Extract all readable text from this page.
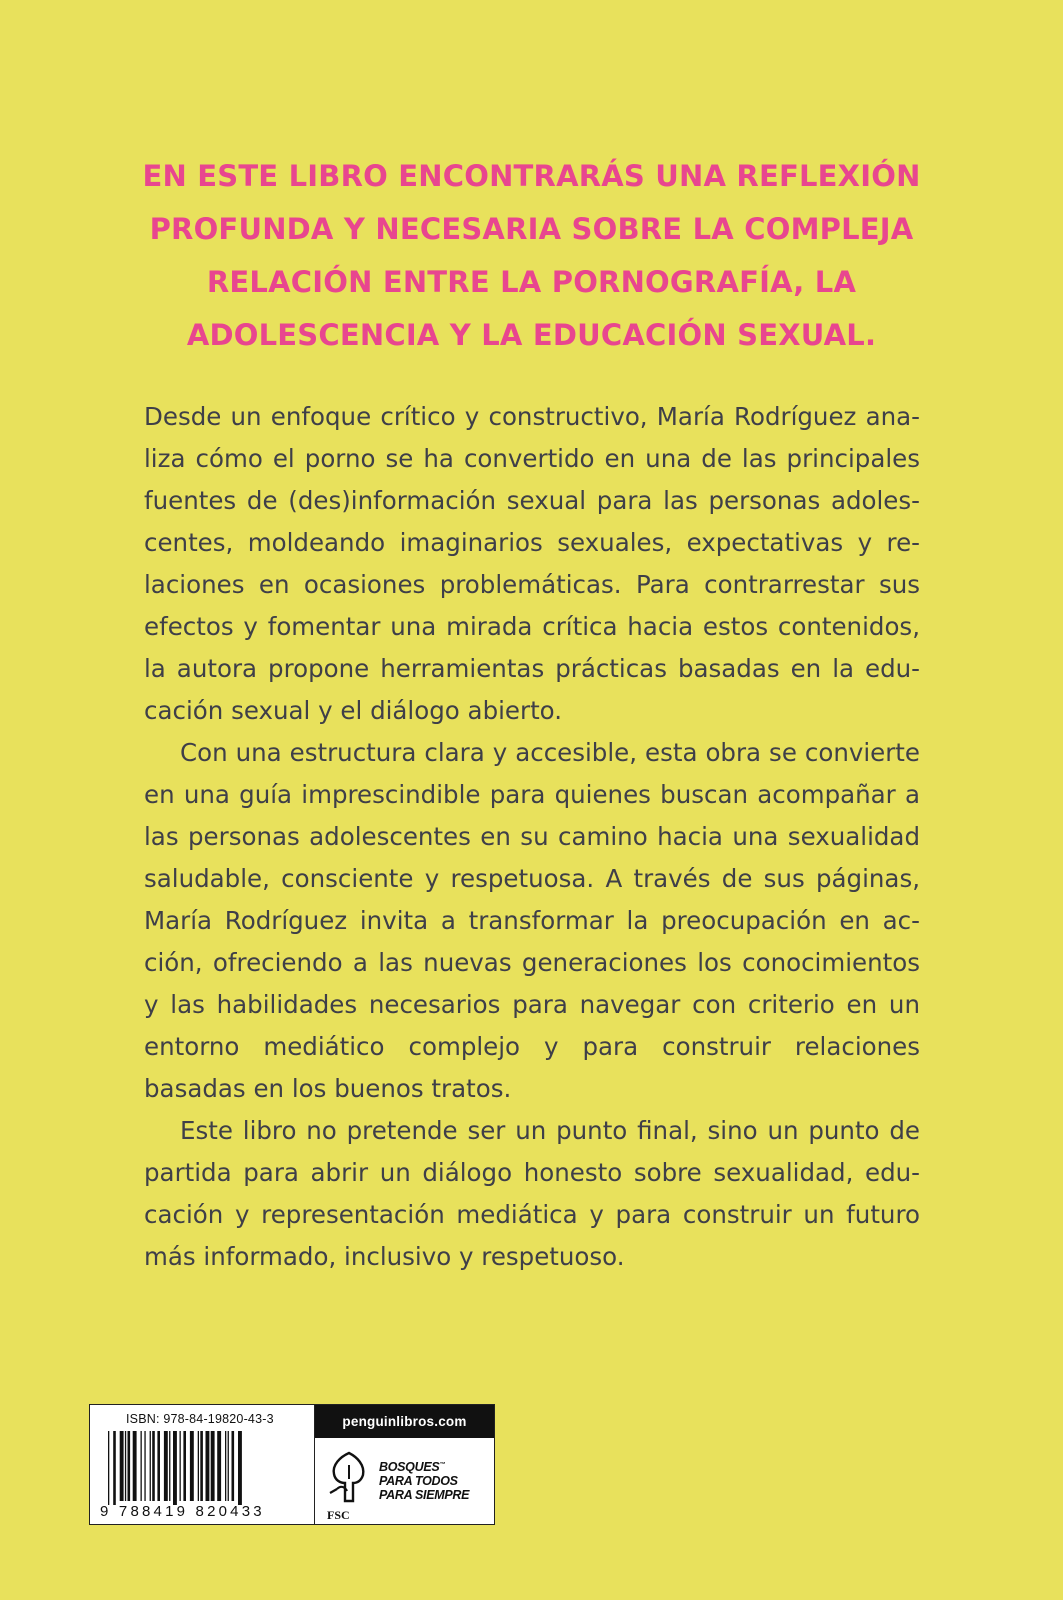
EN ESTE LIBRO ENCONTRARÁS UNA REFLEXIÓN
PROFUNDA Y NECESARIA SOBRE LA COMPLEJA
RELACIÓN ENTRE LA PORNOGRAFÍA, LA
ADOLESCENCIA Y LA EDUCACIÓN SEXUAL.

Desde un enfoque crítico y constructivo, María Rodríguez analiza cómo el porno se ha convertido en una de las principales fuentes de (des)información sexual para las personas adolescentes, moldeando imaginarios sexuales, expectativas y relaciones en ocasiones problemáticas. Para contrarrestar sus efectos y fomentar una mirada crítica hacia estos contenidos, la autora propone herramientas prácticas basadas en la educación sexual y el diálogo abierto.

Con una estructura clara y accesible, esta obra se convierte en una guía imprescindible para quienes buscan acompañar a las personas adolescentes en su camino hacia una sexualidad saludable, consciente y respetuosa. A través de sus páginas, María Rodríguez invita a transformar la preocupación en acción, ofreciendo a las nuevas generaciones los conocimientos y las habilidades necesarios para navegar con criterio en un entorno mediático complejo y para construir relaciones basadas en los buenos tratos.

Este libro no pretende ser un punto final, sino un punto de partida para abrir un diálogo honesto sobre sexualidad, educación y representación mediática y para construir un futuro más informado, inclusivo y respetuoso.

ISBN: 978-84-19820-43-3
9 788419 820433
penguinlibros.com
FSC
BOSQUES™
PARA TODOS
PARA SIEMPRE
